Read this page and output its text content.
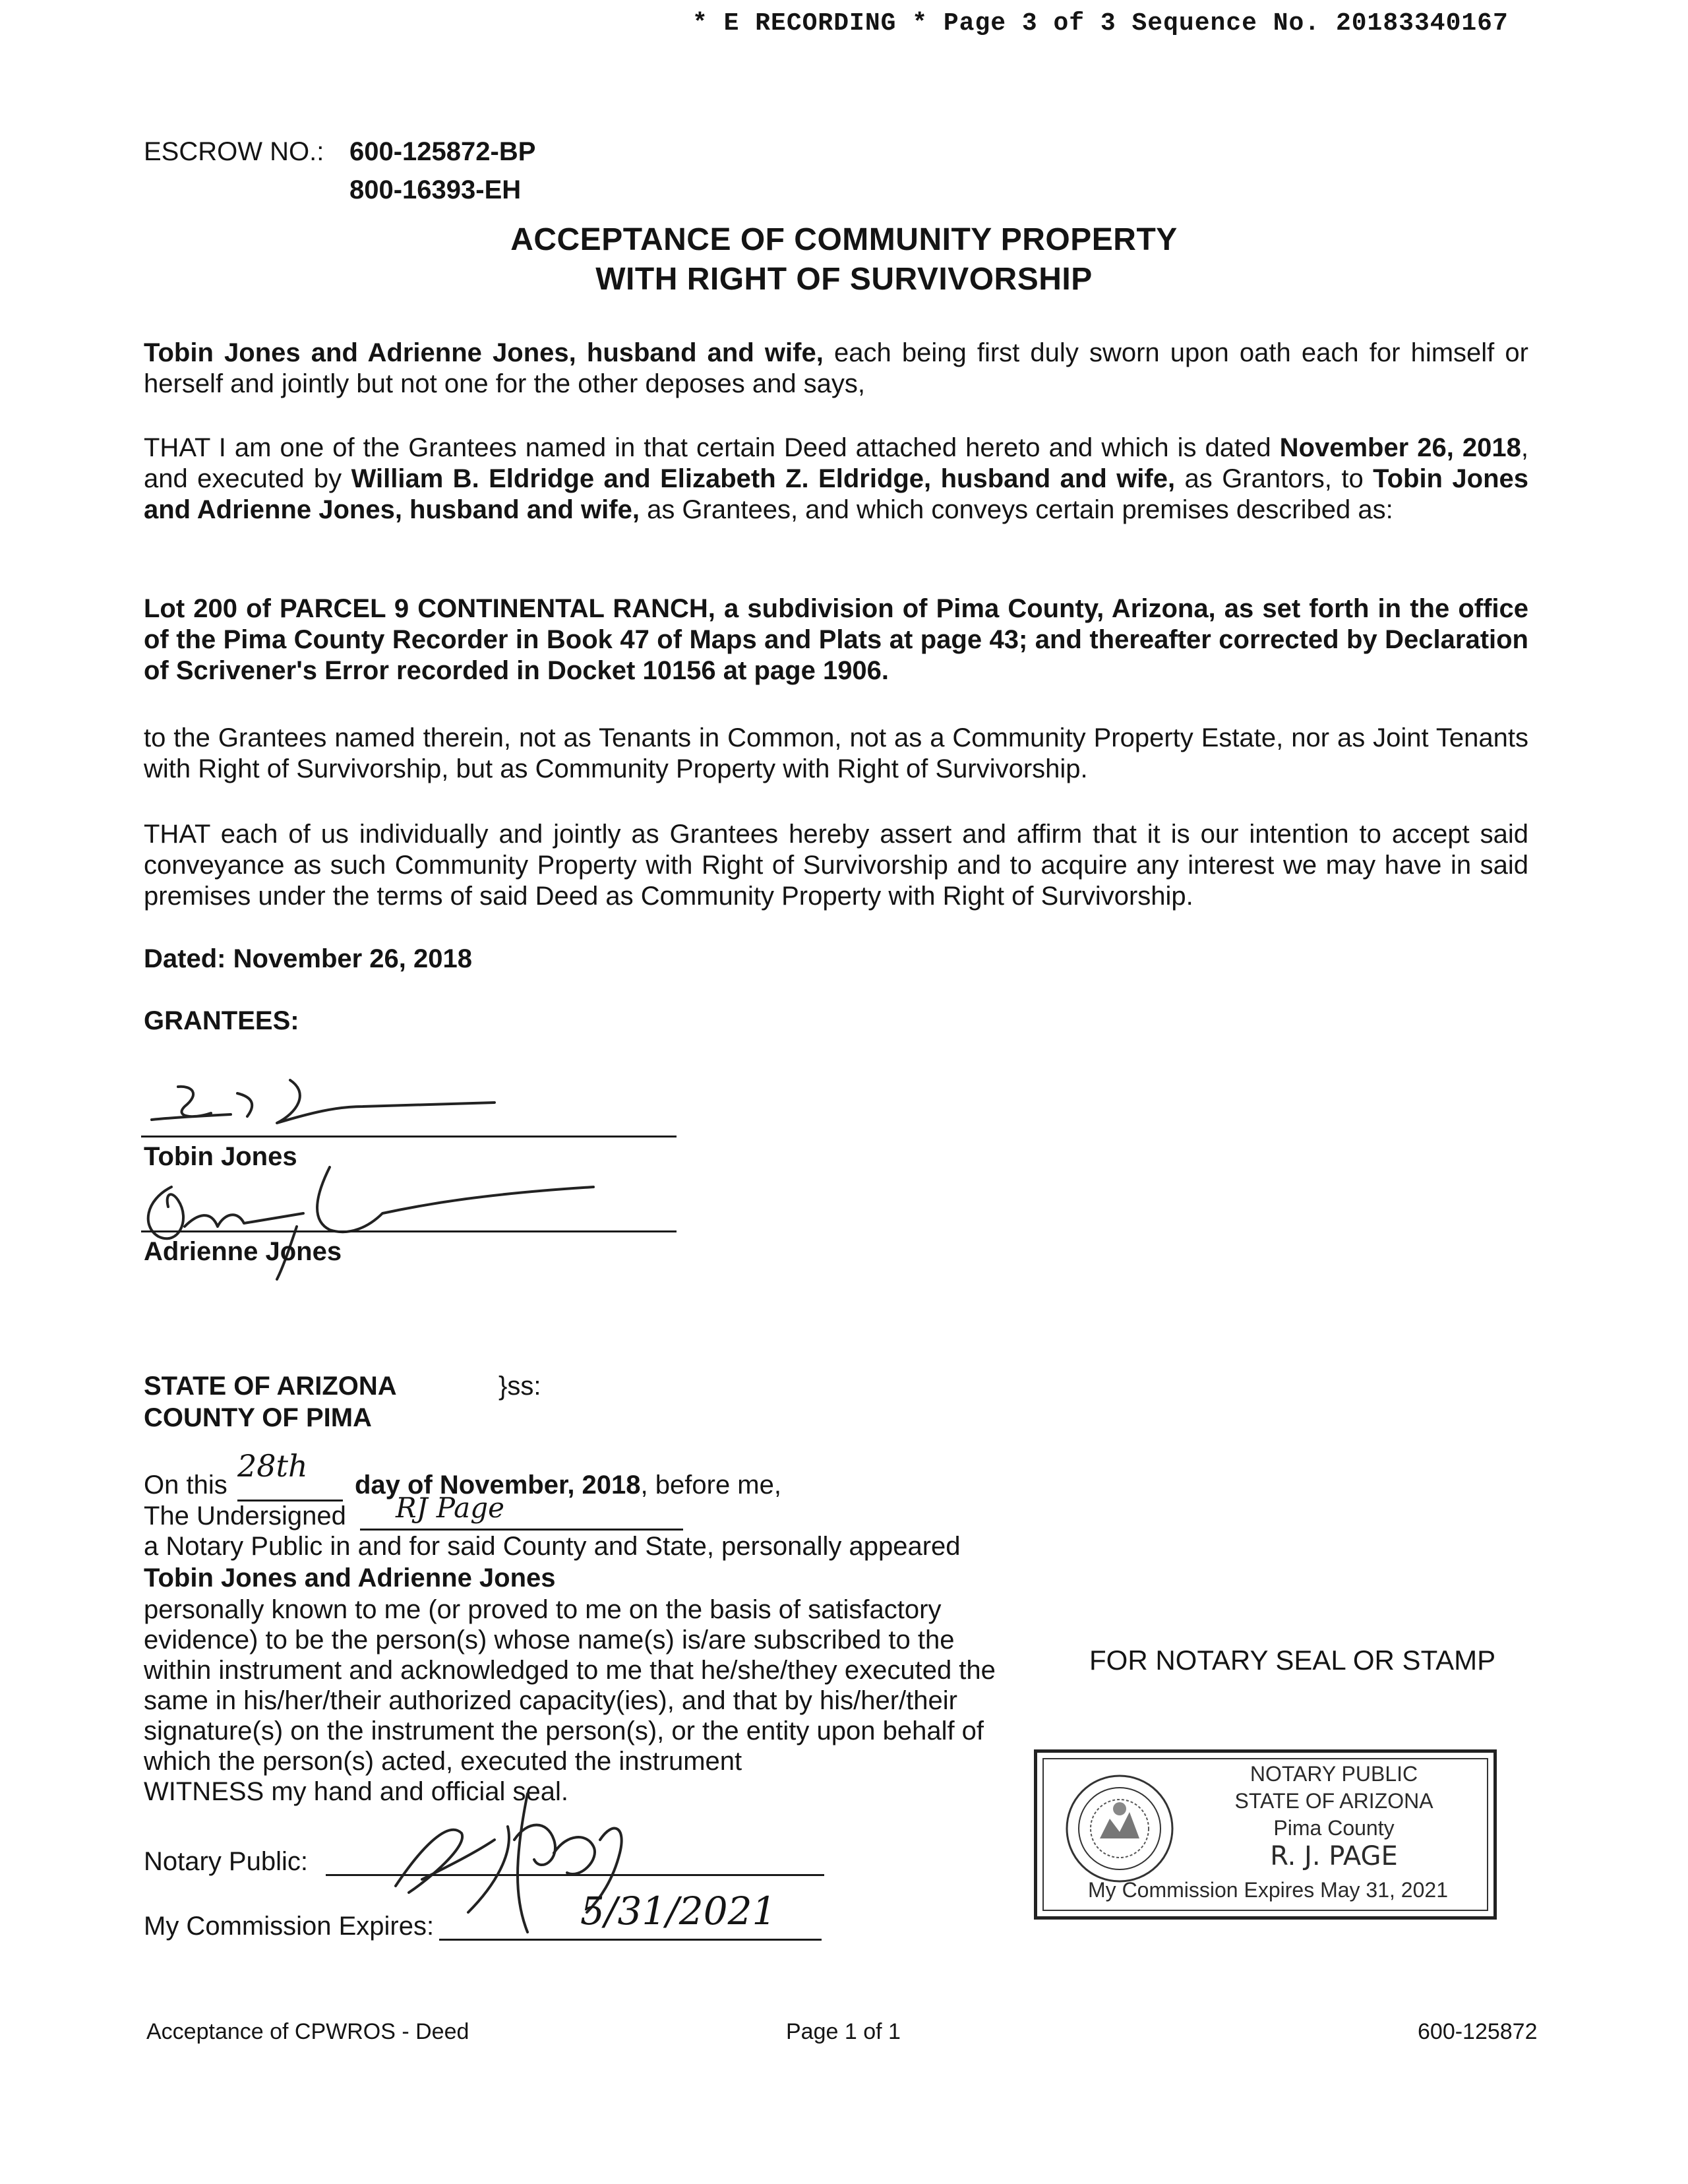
* E RECORDING * Page 3 of 3 Sequence No. 20183340167
ESCROW NO.: 600-125872-BP
800-16393-EH
ACCEPTANCE OF COMMUNITY PROPERTY
WITH RIGHT OF SURVIVORSHIP
Tobin Jones and Adrienne Jones, husband and wife, each being first duly sworn upon oath each for himself or herself and jointly but not one for the other deposes and says,
THAT I am one of the Grantees named in that certain Deed attached hereto and which is dated November 26, 2018, and executed by William B. Eldridge and Elizabeth Z. Eldridge, husband and wife, as Grantors, to Tobin Jones and Adrienne Jones, husband and wife, as Grantees, and which conveys certain premises described as:
Lot 200 of PARCEL 9 CONTINENTAL RANCH, a subdivision of Pima County, Arizona, as set forth in the office of the Pima County Recorder in Book 47 of Maps and Plats at page 43; and thereafter corrected by Declaration of Scrivener's Error recorded in Docket 10156 at page 1906.
to the Grantees named therein, not as Tenants in Common, not as a Community Property Estate, nor as Joint Tenants with Right of Survivorship, but as Community Property with Right of Survivorship.
THAT each of us individually and jointly as Grantees hereby assert and affirm that it is our intention to accept said conveyance as such Community Property with Right of Survivorship and to acquire any interest we may have in said premises under the terms of said Deed as Community Property with Right of Survivorship.
Dated: November 26, 2018
GRANTEES:
Tobin Jones
Adrienne Jones
STATE OF ARIZONA	}ss:
COUNTY OF PIMA
On this
28th
day of November, 2018, before me,
The Undersigned RJ Page
a Notary Public in and for said County and State, personally appeared
Tobin Jones and Adrienne Jones
personally known to me (or proved to me on the basis of satisfactory
evidence) to be the person(s) whose name(s) is/are subscribed to the
within instrument and acknowledged to me that he/she/they executed the
same in his/her/their authorized capacity(ies), and that by his/her/their
signature(s) on the instrument the person(s), or the entity upon behalf of
which the person(s) acted, executed the instrument
WITNESS my hand and official seal.
Notary Public:
My Commission Expires:	5/31/2021
FOR NOTARY SEAL OR STAMP
NOTARY PUBLIC
STATE OF ARIZONA
Pima County
R. J. PAGE
My Commission Expires May 31, 2021
Acceptance of CPWROS - Deed	Page 1 of 1	600-125872
